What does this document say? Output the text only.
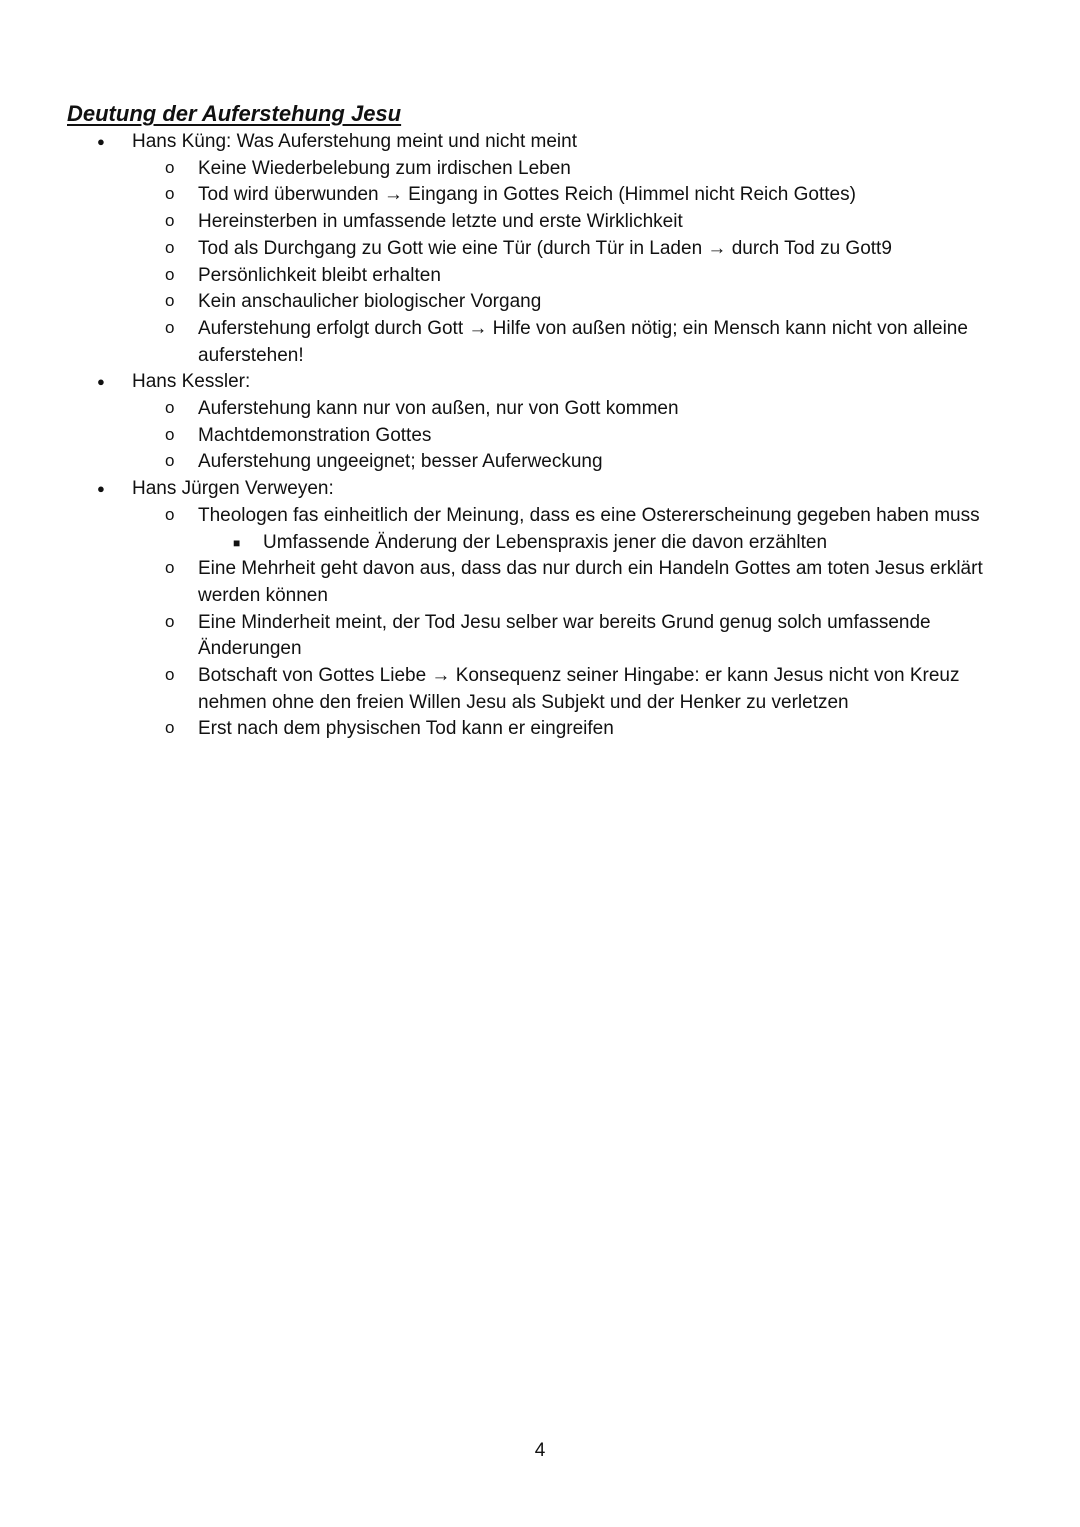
Deutung der Auferstehung Jesu
● Hans Küng: Was Auferstehung meint und nicht meint
o Keine Wiederbelebung zum irdischen Leben
o Tod wird überwunden → Eingang in Gottes Reich (Himmel nicht Reich Gottes)
o Hereinsterben in umfassende letzte und erste Wirklichkeit
o Tod als Durchgang zu Gott wie eine Tür (durch Tür in Laden → durch Tod zu Gott9
o Persönlichkeit bleibt erhalten
o Kein anschaulicher biologischer Vorgang
o Auferstehung erfolgt durch Gott → Hilfe von außen nötig; ein Mensch kann nicht von alleine auferstehen!
● Hans Kessler:
o Auferstehung kann nur von außen, nur von Gott kommen
o Machtdemonstration Gottes
o Auferstehung ungeeignet; besser Auferweckung
● Hans Jürgen Verweyen:
o Theologen fas einheitlich der Meinung, dass es eine Ostererscheinung gegeben haben muss
■ Umfassende Änderung der Lebenspraxis jener die davon erzählten
o Eine Mehrheit geht davon aus, dass das nur durch ein Handeln Gottes am toten Jesus erklärt werden können
o Eine Minderheit meint, der Tod Jesu selber war bereits Grund genug solch umfassende Änderungen
o Botschaft von Gottes Liebe → Konsequenz seiner Hingabe: er kann Jesus nicht von Kreuz nehmen ohne den freien Willen Jesu als Subjekt und der Henker zu verletzen
o Erst nach dem physischen Tod kann er eingreifen
4
